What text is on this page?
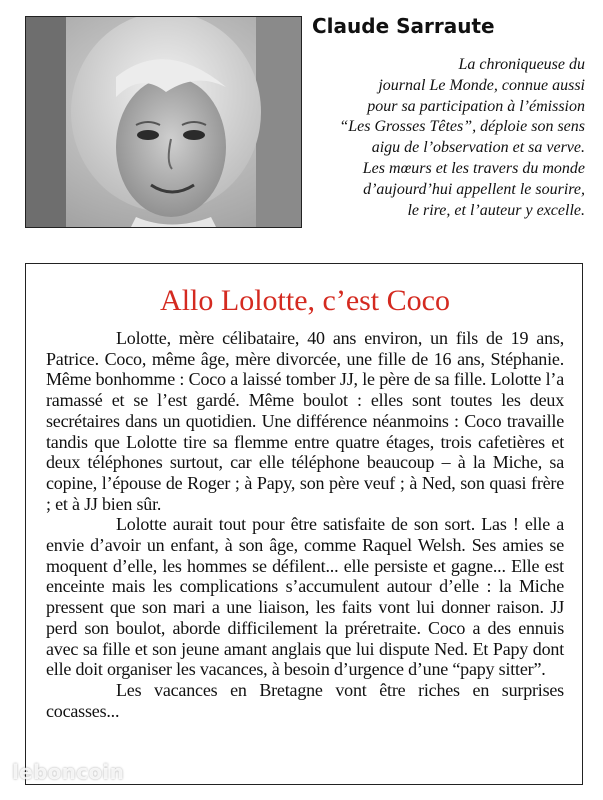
Claude Sarraute
La chroniqueuse du
journal Le Monde, connue aussi
pour sa participation à l’émission
“Les Grosses Têtes”, déploie son sens
aigu de l’observation et sa verve.
Les mœurs et les travers du monde
d’aujourd’hui appellent le sourire,
le rire, et l’auteur y excelle.
Allo Lolotte, c’est Coco

Lolotte, mère célibataire, 40 ans environ, un fils de 19 ans, Patrice. Coco, même âge, mère divorcée, une fille de 16 ans, Stéphanie. Même bonhomme : Coco a laissé tomber JJ, le père de sa fille. Lolotte l’a ramassé et se l’est gardé. Même boulot : elles sont toutes les deux secrétaires dans un quotidien. Une différence néanmoins : Coco travaille tandis que Lolotte tire sa flemme entre quatre étages, trois cafetières et deux téléphones surtout, car elle téléphone beaucoup – à la Miche, sa copine, l’épouse de Roger ; à Papy, son père veuf ; à Ned, son quasi frère ; et à JJ bien sûr.

Lolotte aurait tout pour être satisfaite de son sort. Las ! elle a envie d’avoir un enfant, à son âge, comme Raquel Welsh. Ses amies se moquent d’elle, les hommes se défilent... elle persiste et gagne... Elle est enceinte mais les complications s’accumulent autour d’elle : la Miche pressent que son mari a une liaison, les faits vont lui donner raison. JJ perd son boulot, aborde difficilement la préretraite. Coco a des ennuis avec sa fille et son jeune amant anglais que lui dispute Ned. Et Papy dont elle doit organiser les vacances, à besoin d’urgence d’une “papy sitter”.

Les vacances en Bretagne vont être riches en surprises cocasses...

leboncoin
